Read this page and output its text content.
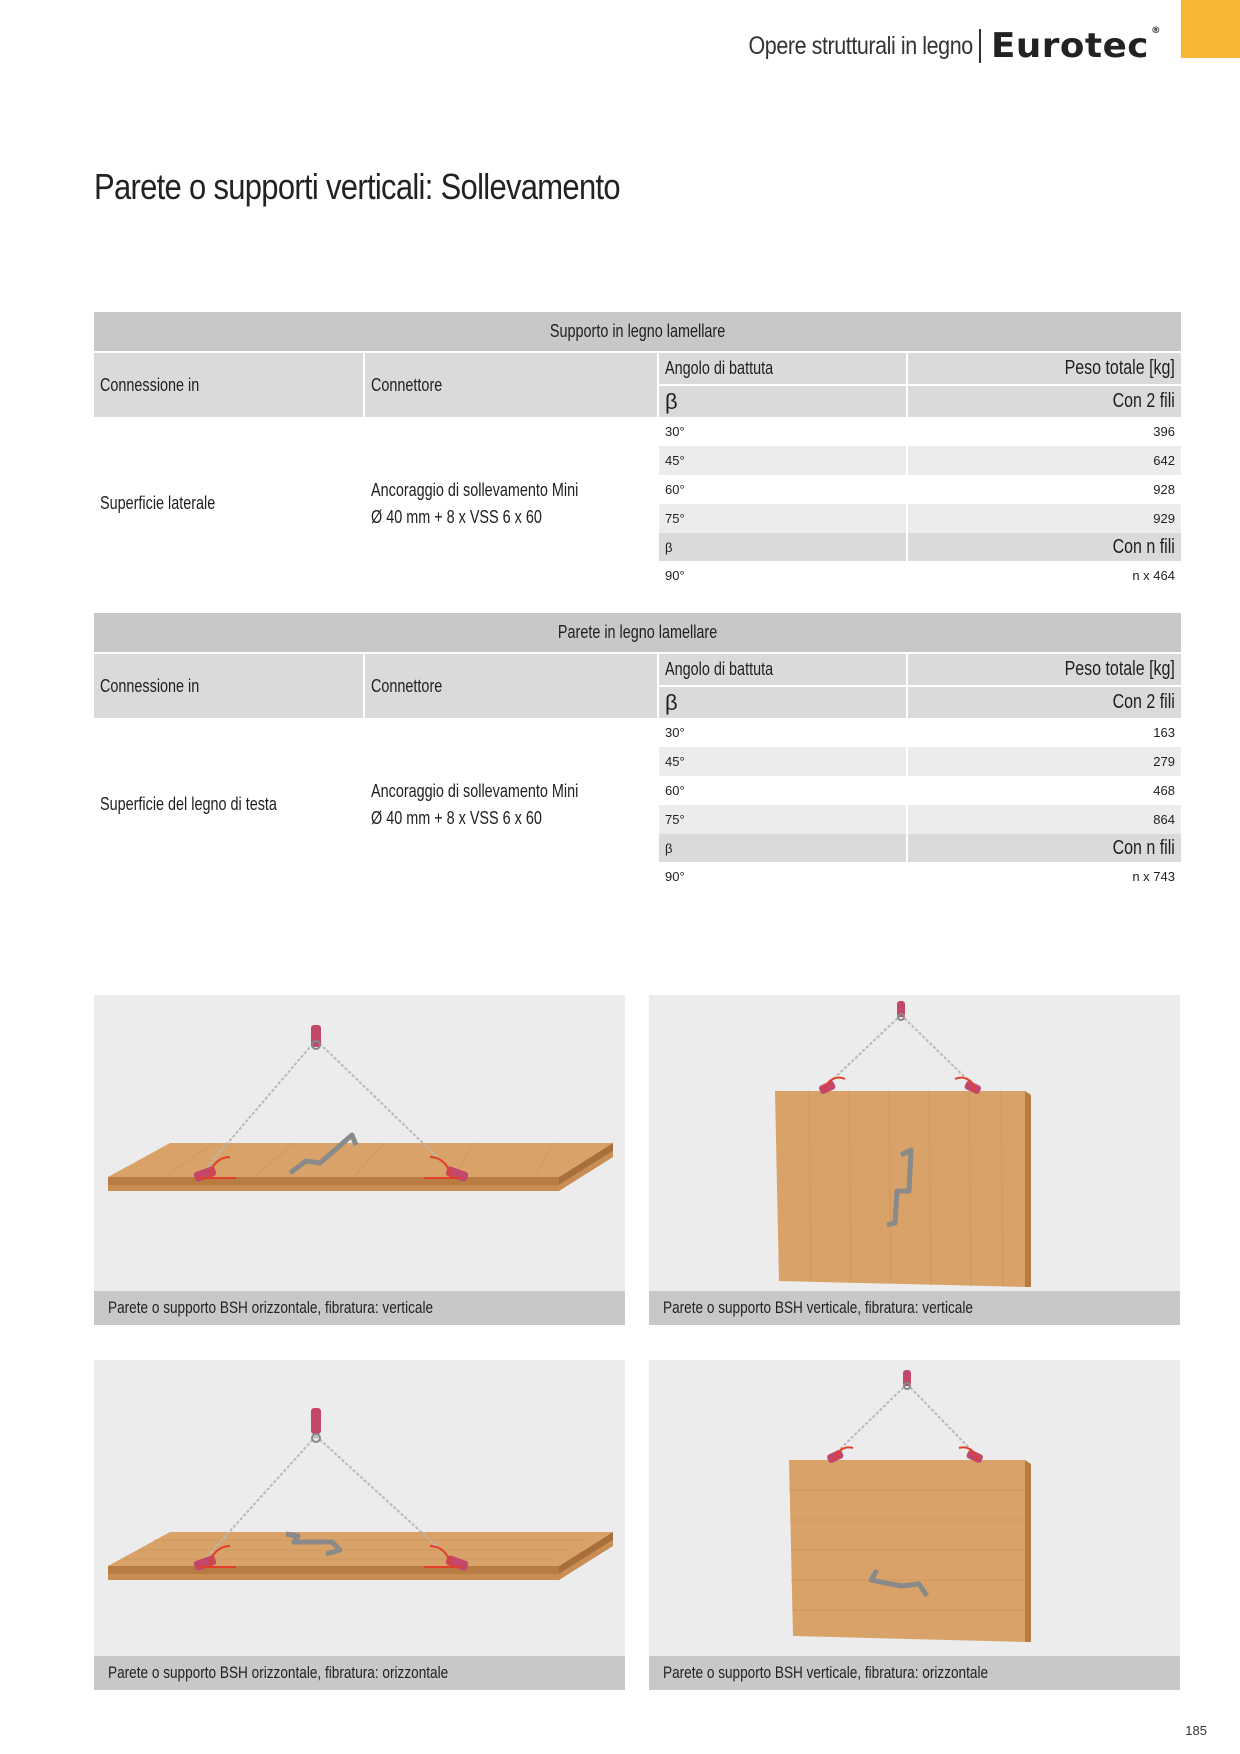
Opere strutturali in legno Eurotec ®
Parete o supporti verticali: Sollevamento
Supporto in legno lamellare
Connessione in	Connettore
Angolo di battuta	Peso totale [kg]
β	Con 2 fili
Superficie laterale
Ancoraggio di sollevamento Mini
Ø 40 mm + 8 x VSS 6 x 60
30°	396
45°	642
60°	928
75°	929
β	Con n fili
90°	n x 464
Parete in legno lamellare
Connessione in	Connettore
Angolo di battuta	Peso totale [kg]
β	Con 2 fili
Superficie del legno di testa
Ancoraggio di sollevamento Mini
Ø 40 mm + 8 x VSS 6 x 60
30°	163
45°	279
60°	468
75°	864
β	Con n fili
90°	n x 743
Parete o supporto BSH orizzontale, fibratura: verticale	Parete o supporto BSH verticale, fibratura: verticale
Parete o supporto BSH orizzontale, fibratura: orizzontale	Parete o supporto BSH verticale, fibratura: orizzontale
185
